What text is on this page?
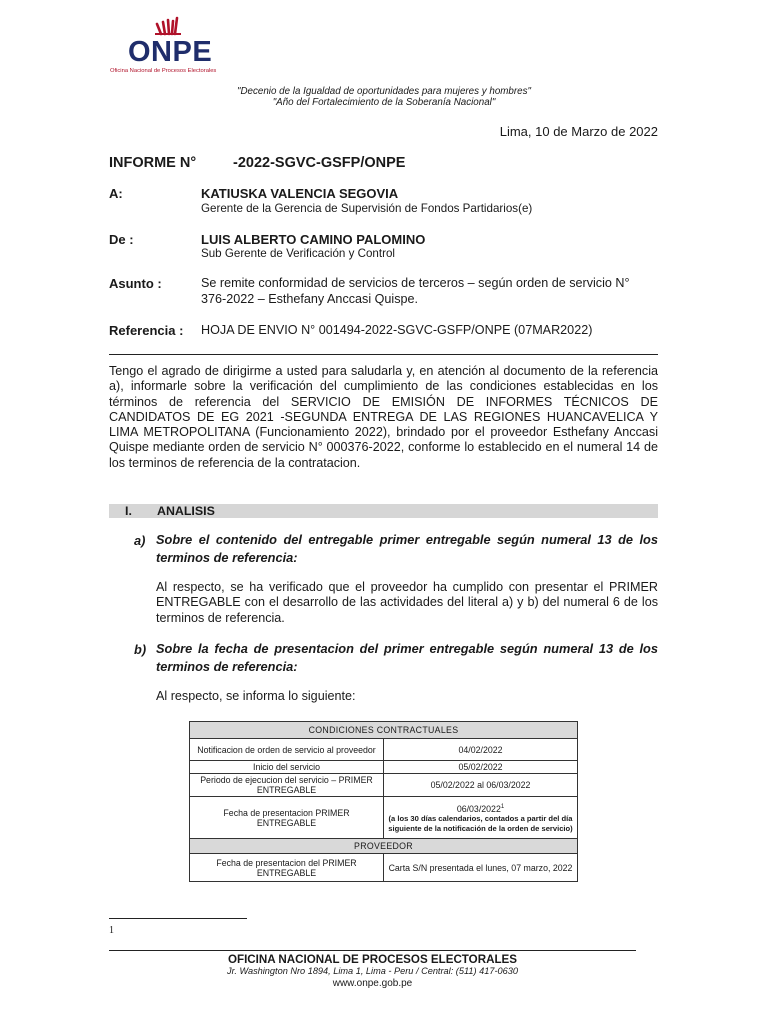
ONPE
Oficina Nacional de Procesos Electorales
"Decenio de la Igualdad de oportunidades para mujeres y hombres"
"Año del Fortalecimiento de la Soberanía Nacional"
Lima, 10 de Marzo de 2022
INFORME N°	-2022-SGVC-GSFP/ONPE
A:	KATIUSKA VALENCIA SEGOVIA
Gerente de la Gerencia de Supervisión de Fondos Partidarios(e)
De :	LUIS ALBERTO CAMINO PALOMINO
Sub Gerente de Verificación y Control
Asunto :	Se remite conformidad de servicios de terceros – según orden de servicio N° 376-2022 – Esthefany Anccasi Quispe.
Referencia : HOJA DE ENVIO N° 001494-2022-SGVC-GSFP/ONPE (07MAR2022)
Tengo el agrado de dirigirme a usted para saludarla y, en atención al documento de la referencia a), informarle sobre la verificación del cumplimiento de las condiciones establecidas en los términos de referencia del SERVICIO DE EMISIÓN DE INFORMES TÉCNICOS DE CANDIDATOS DE EG 2021 -SEGUNDA ENTREGA DE LAS REGIONES HUANCAVELICA Y LIMA METROPOLITANA (Funcionamiento 2022), brindado por el proveedor Esthefany Anccasi Quispe mediante orden de servicio N° 000376-2022, conforme lo establecido en el numeral 14 de los terminos de referencia de la contratacion.
I. ANALISIS
a) Sobre el contenido del entregable primer entregable según numeral 13 de los terminos de referencia:
Al respecto, se ha verificado que el proveedor ha cumplido con presentar el PRIMER ENTREGABLE con el desarrollo de las actividades del literal a) y b) del numeral 6 de los terminos de referencia.
b) Sobre la fecha de presentacion del primer entregable según numeral 13 de los terminos de referencia:
Al respecto, se informa lo siguiente:
CONDICIONES CONTRACTUALES	
Notificacion de orden de servicio al proveedor	04/02/2022
Inicio del servicio	05/02/2022
Periodo de ejecucion del servicio – PRIMER ENTREGABLE	05/02/2022 al 06/03/2022
Fecha de presentacion PRIMER ENTREGABLE	06/03/2022$^1$
(a los 30 días calendarios, contados a partir del día siguiente de la notificación de la orden de servicio)
PROVEEDOR	
Fecha de presentacion del PRIMER ENTREGABLE	Carta S/N presentada el lunes, 07 marzo, 2022
1
OFICINA NACIONAL DE PROCESOS ELECTORALES
Jr. Washington Nro 1894, Lima 1, Lima - Peru / Central: (511) 417-0630
www.onpe.gob.pe
